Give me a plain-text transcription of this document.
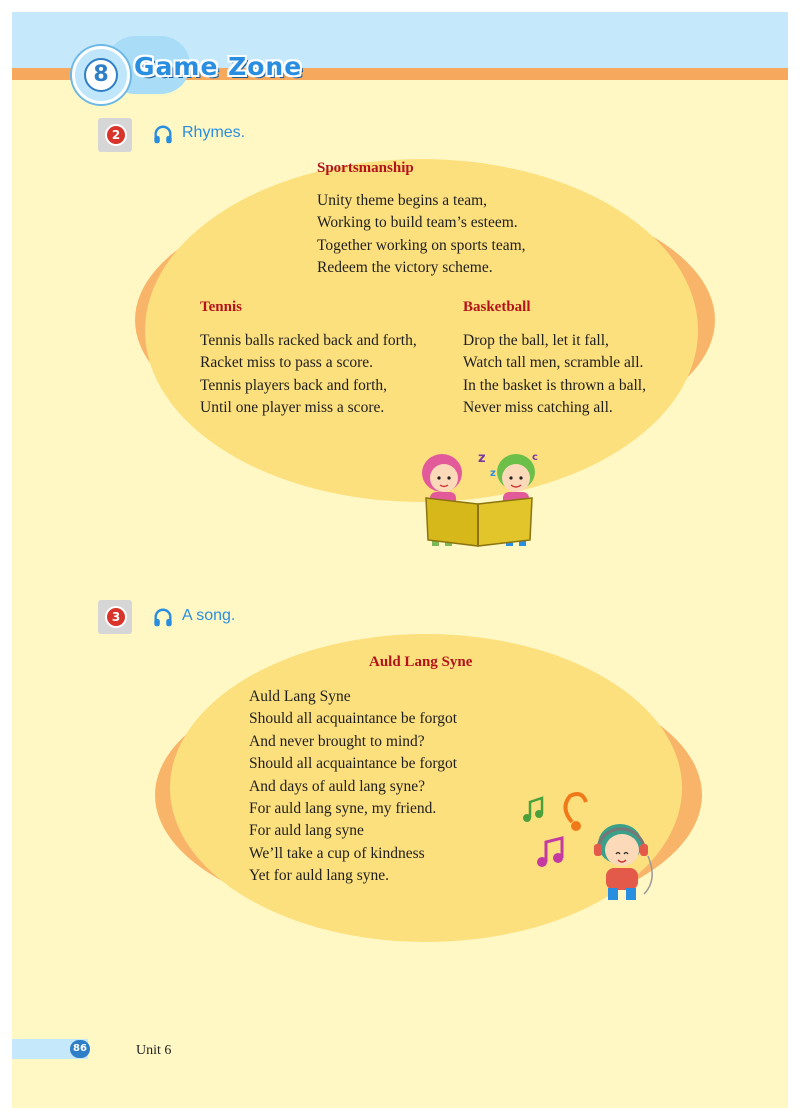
8	Game Zone
2	Rhymes.
Sportsmanship
Unity theme begins a team,
Working to build team’s esteem.
Together working on sports team,
Redeem the victory scheme.
Tennis
Tennis balls racked back and forth,
Racket miss to pass a score.
Tennis players back and forth,
Until one player miss a score.
Basketball
Drop the ball, let it fall,
Watch tall men, scramble all.
In the basket is thrown a ball,
Never miss catching all.
z
z
c
3	A song.
Auld Lang Syne
Auld Lang Syne
Should all acquaintance be forgot
And never brought to mind?
Should all acquaintance be forgot
And days of auld lang syne?
For auld lang syne, my friend.
For auld lang syne
We’ll take a cup of kindness
Yet for auld lang syne.
86	Unit 6
